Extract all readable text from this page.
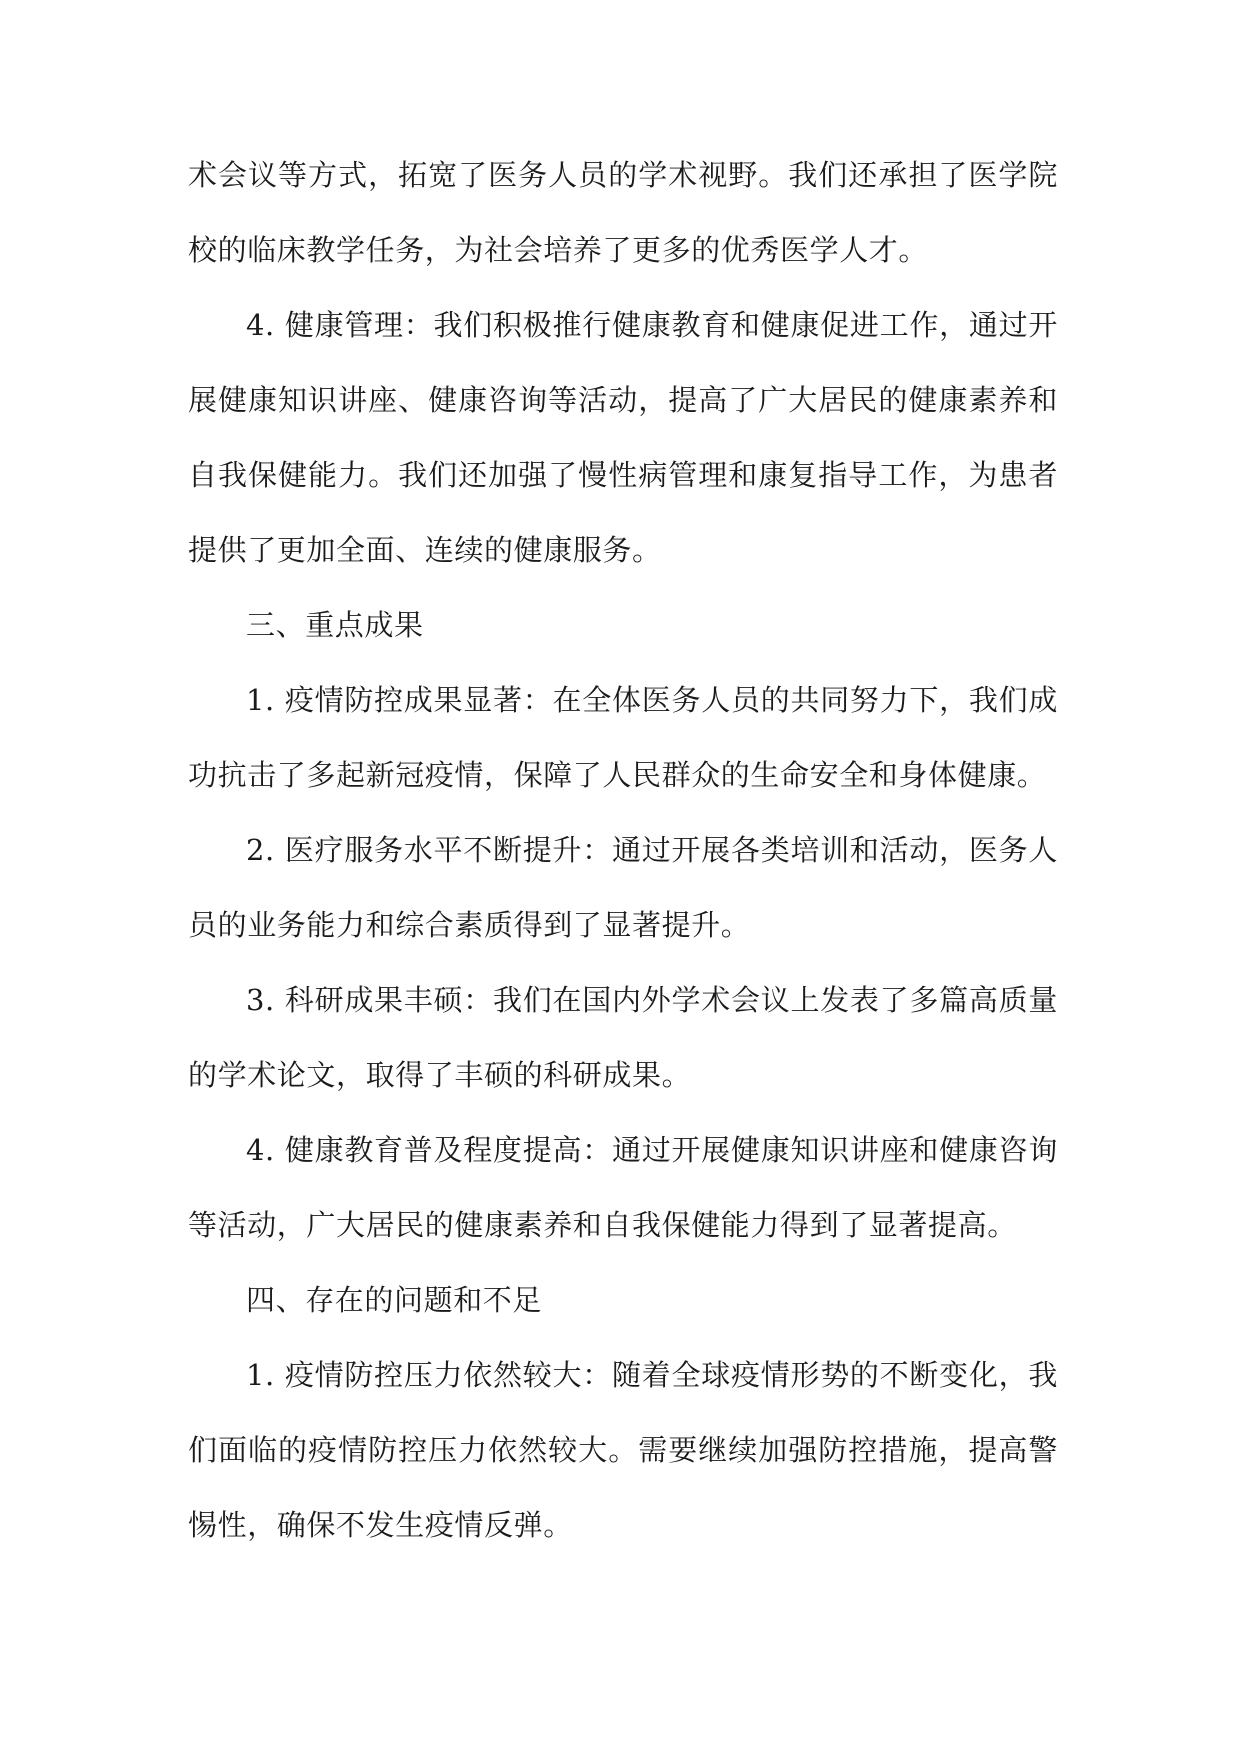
术会议等方式，拓宽了医务人员的学术视野。我们还承担了医学院校的临床教学任务，为社会培养了更多的优秀医学人才。

4. 健康管理：我们积极推行健康教育和健康促进工作，通过开展健康知识讲座、健康咨询等活动，提高了广大居民的健康素养和自我保健能力。我们还加强了慢性病管理和康复指导工作，为患者提供了更加全面、连续的健康服务。

三、重点成果

1. 疫情防控成果显著：在全体医务人员的共同努力下，我们成功抗击了多起新冠疫情，保障了人民群众的生命安全和身体健康。

2. 医疗服务水平不断提升：通过开展各类培训和活动，医务人员的业务能力和综合素质得到了显著提升。

3. 科研成果丰硕：我们在国内外学术会议上发表了多篇高质量的学术论文，取得了丰硕的科研成果。

4. 健康教育普及程度提高：通过开展健康知识讲座和健康咨询等活动，广大居民的健康素养和自我保健能力得到了显著提高。

四、存在的问题和不足

1. 疫情防控压力依然较大：随着全球疫情形势的不断变化，我们面临的疫情防控压力依然较大。需要继续加强防控措施，提高警惕性，确保不发生疫情反弹。
